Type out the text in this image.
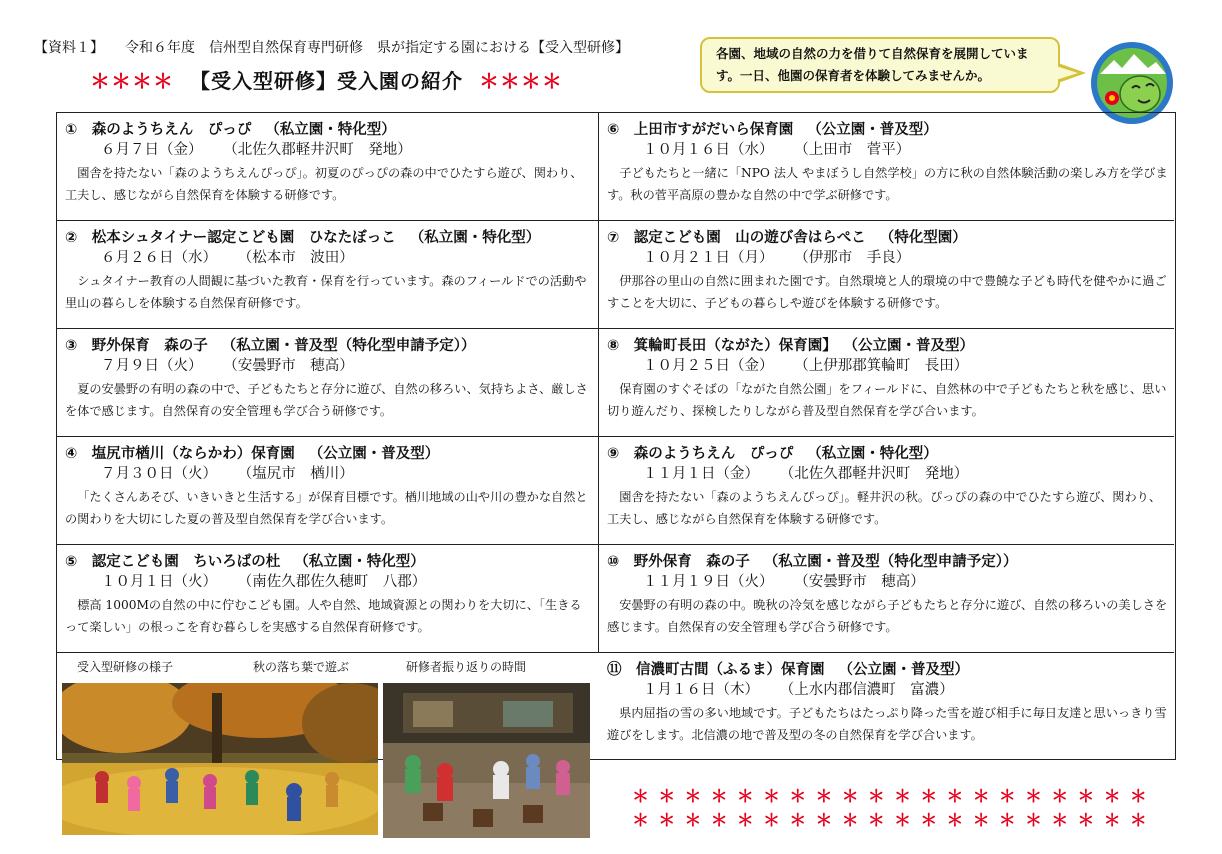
【資料１】　　令和６年度　信州型自然保育専門研修　県が指定する園における【受入型研修】
＊＊＊＊ 【受入型研修】受入園の紹介 ＊＊＊＊
各園、地域の自然の力を借りて自然保育を展開しています。一日、他園の保育者を体験してみませんか。
①　森のようちえん　ぴっぴ （私立園・特化型）
６月７日（金） （北佐久郡軽井沢町　発地）
園舎を持たない「森のようちえんぴっぴ」。初夏のぴっぴの森の中でひたすら遊び、関わり、工夫し、感じながら自然保育を体験する研修です。
②　松本シュタイナー認定こども園　ひなたぼっこ （私立園・特化型）
６月２６日（水） （松本市　波田）
シュタイナー教育の人間観に基づいた教育・保育を行っています。森のフィールドでの活動や里山の暮らしを体験する自然保育研修です。
③　野外保育　森の子 （私立園・普及型（特化型申請予定））
７月９日（火） （安曇野市　穂高）
夏の安曇野の有明の森の中で、子どもたちと存分に遊び、自然の移ろい、気持ちよさ、厳しさを体で感じます。自然保育の安全管理も学び合う研修です。
④　塩尻市楢川（ならかわ）保育園 （公立園・普及型）
７月３０日（火） （塩尻市　楢川）
「たくさんあそび、いきいきと生活する」が保育目標です。楢川地域の山や川の豊かな自然との関わりを大切にした夏の普及型自然保育を学び合います。
⑤　認定こども園　ちいろばの杜 （私立園・特化型）
１０月１日（火） （南佐久郡佐久穂町　八郡）
標高 1000Mの自然の中に佇むこども園。人や自然、地域資源との関わりを大切に、「生きるって楽しい」の根っこを育む暮らしを実感する自然保育研修です。
受入型研修の様子	秋の落ち葉で遊ぶ	研修者振り返りの時間
⑥　上田市すがだいら保育園 （公立園・普及型）
１０月１６日（水） （上田市　菅平）
子どもたちと一緒に「NPO 法人 やまぼうし自然学校」の方に秋の自然体験活動の楽しみ方を学びます。秋の菅平高原の豊かな自然の中で学ぶ研修です。
⑦　認定こども園　山の遊び舎はらぺこ （特化型園）
１０月２１日（月） （伊那市　手良）
伊那谷の里山の自然に囲まれた園です。自然環境と人的環境の中で豊饒な子ども時代を健やかに過ごすことを大切に、子どもの暮らしや遊びを体験する研修です。
⑧　箕輪町長田（ながた）保育園】 （公立園・普及型）
１０月２５日（金） （上伊那郡箕輪町　長田）
保育園のすぐそばの「ながた自然公園」をフィールドに、自然林の中で子どもたちと秋を感じ、思い切り遊んだり、探検したりしながら普及型自然保育を学び合います。
⑨　森のようちえん　ぴっぴ （私立園・特化型）
１１月１日（金） （北佐久郡軽井沢町　発地）
園舎を持たない「森のようちえんぴっぴ」。軽井沢の秋。ぴっぴの森の中でひたすら遊び、関わり、工夫し、感じながら自然保育を体験する研修です。
⑩　野外保育　森の子 （私立園・普及型（特化型申請予定））
１１月１９日（火） （安曇野市　穂高）
安曇野の有明の森の中。晩秋の冷気を感じながら子どもたちと存分に遊び、自然の移ろいの美しさを感じます。自然保育の安全管理も学び合う研修です。
⑪　信濃町古間（ふるま）保育園 （公立園・普及型）
１月１６日（木） （上水内郡信濃町　富濃）
県内屈指の雪の多い地域です。子どもたちはたっぷり降った雪を遊び相手に毎日友達と思いっきり雪遊びをします。北信濃の地で普及型の冬の自然保育を学び合います。
＊＊＊＊＊＊＊＊＊＊＊＊＊＊＊＊＊＊＊＊
＊＊＊＊＊＊＊＊＊＊＊＊＊＊＊＊＊＊＊＊
